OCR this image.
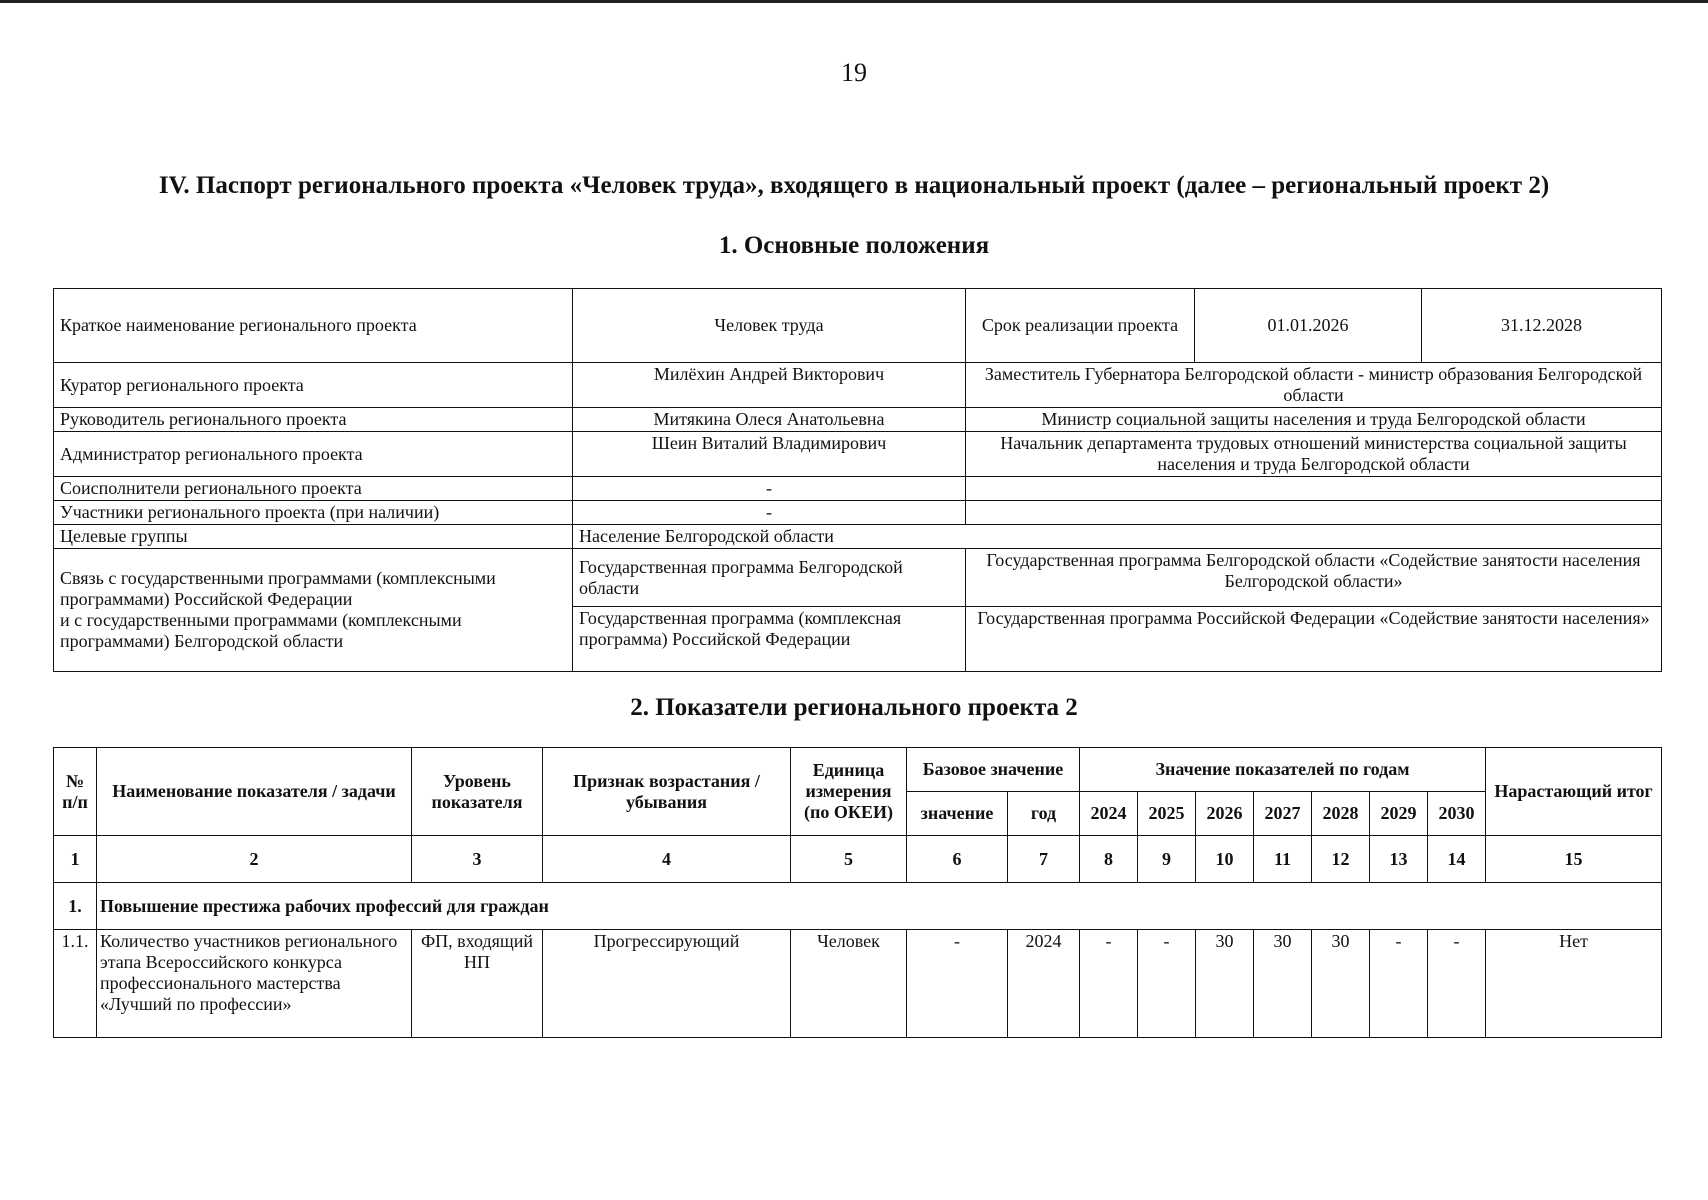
19
IV. Паспорт регионального проекта «Человек труда», входящего в национальный проект (далее – региональный проект 2)
1. Основные положения
Краткое наименование регионального проекта	Человек труда	Срок реализации проекта	01.01.2026	31.12.2028
Куратор регионального проекта	Милёхин Андрей Викторович	Заместитель Губернатора Белгородской области - министр образования Белгородской области		
Руководитель регионального проекта	Митякина Олеся Анатольевна	Министр социальной защиты населения и труда Белгородской области		
Администратор регионального проекта	Шеин Виталий Владимирович	Начальник департамента трудовых отношений министерства социальной защиты населения и труда Белгородской области		
Соисполнители регионального проекта	-			
Участники регионального проекта (при наличии)	-			
Целевые группы	Население Белгородской области			

Связь с государственными программами (комплексными программами) Российской Федерации
и с государственными программами (комплексными программами) Белгородской области	Государственная программа Белгородской области	Государственная программа Белгородской области «Содействие занятости населения Белгородской области»		
	Государственная программа (комплексная программа) Российской Федерации	Государственная программа Российской Федерации «Содействие занятости населения»		
2. Показатели регионального проекта 2
№ п/п	Наименование показателя / задачи	Уровень показателя	Признак возрастания / убывания	Единица измерения (по ОКЕИ)	Базовое значение		Значение показателей по годам							Нарастающий итог
					значение	год	2024	2025	2026	2027	2028	2029	2030	
1	2	3	4	5	6	7	8	9	10	11	12	13	14	15
1.	Повышение престижа рабочих профессий для граждан													
1.1.	Количество участников регионального этапа Всероссийского конкурса профессионального мастерства «Лучший по профессии»	ФП, входящий НП	Прогрессирующий	Человек	-	2024	-	-	30	30	30	-	-	Нет
